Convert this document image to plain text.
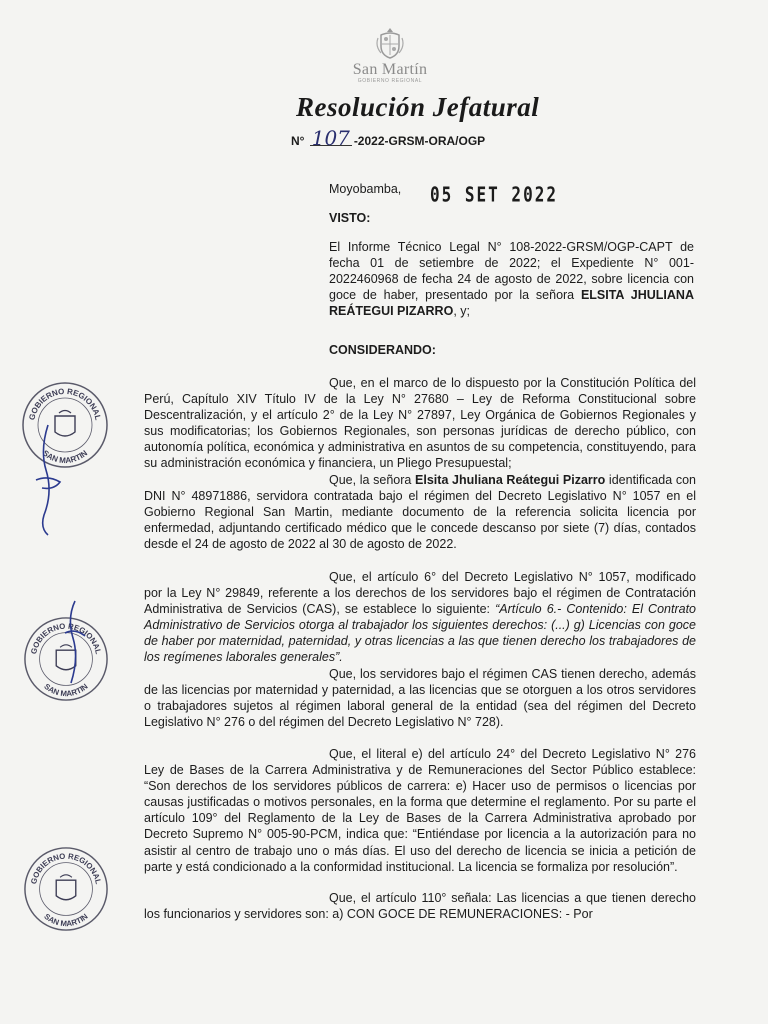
San Martín
GOBIERNO REGIONAL
Resolución Jefatural
N° 107 -2022-GRSM-ORA/OGP
Moyobamba, 05 SET 2022
VISTO:

El Informe Técnico Legal N° 108-2022-GRSM/OGP-CAPT de fecha 01 de setiembre de 2022; el Expediente N° 001-2022460968 de fecha 24 de agosto de 2022, sobre licencia con goce de haber, presentado por la señora ELSITA JHULIANA REÁTEGUI PIZARRO, y;

CONSIDERANDO:

Que, en el marco de lo dispuesto por la Constitución Política del Perú, Capítulo XIV Título IV de la Ley N° 27680 – Ley de Reforma Constitucional sobre Descentralización, y el artículo 2° de la Ley N° 27897, Ley Orgánica de Gobiernos Regionales y sus modificatorias; los Gobiernos Regionales, son personas jurídicas de derecho público, con autonomía política, económica y administrativa en asuntos de su competencia, constituyendo, para su administración económica y financiera, un Pliego Presupuestal;

Que, la señora Elsita Jhuliana Reátegui Pizarro identificada con DNI N° 48971886, servidora contratada bajo el régimen del Decreto Legislativo N° 1057 en el Gobierno Regional San Martin, mediante documento de la referencia solicita licencia por enfermedad, adjuntando certificado médico que le concede descanso por siete (7) días, contados desde el 24 de agosto de 2022 al 30 de agosto de 2022.

Que, el artículo 6° del Decreto Legislativo N° 1057, modificado por la Ley N° 29849, referente a los derechos de los servidores bajo el régimen de Contratación Administrativa de Servicios (CAS), se establece lo siguiente: “Artículo 6.- Contenido: El Contrato Administrativo de Servicios otorga al trabajador los siguientes derechos: (...) g) Licencias con goce de haber por maternidad, paternidad, y otras licencias a las que tienen derecho los trabajadores de los regímenes laborales generales”.

Que, los servidores bajo el régimen CAS tienen derecho, además de las licencias por maternidad y paternidad, a las licencias que se otorguen a los otros servidores o trabajadores sujetos al régimen laboral general de la entidad (sea del régimen del Decreto Legislativo N° 276 o del régimen del Decreto Legislativo N° 728).

Que, el literal e) del artículo 24° del Decreto Legislativo N° 276 Ley de Bases de la Carrera Administrativa y de Remuneraciones del Sector Público establece: “Son derechos de los servidores públicos de carrera: e) Hacer uso de permisos o licencias por causas justificadas o motivos personales, en la forma que determine el reglamento. Por su parte el artículo 109° del Reglamento de la Ley de Bases de la Carrera Administrativa aprobado por Decreto Supremo N° 005-90-PCM, indica que: “Entiéndase por licencia a la autorización para no asistir al centro de trabajo uno o más días. El uso del derecho de licencia se inicia a petición de parte y está condicionado a la conformidad institucional. La licencia se formaliza por resolución”.

Que, el artículo 110° señala: Las licencias a que tienen derecho los funcionarios y servidores son: a) CON GOCE DE REMUNERACIONES: - Por

GOBIERNO REGIONAL
SAN MARTIN
GOBIERNO REGIONAL
SAN MARTIN
GOBIERNO REGIONAL
SAN MARTIN
